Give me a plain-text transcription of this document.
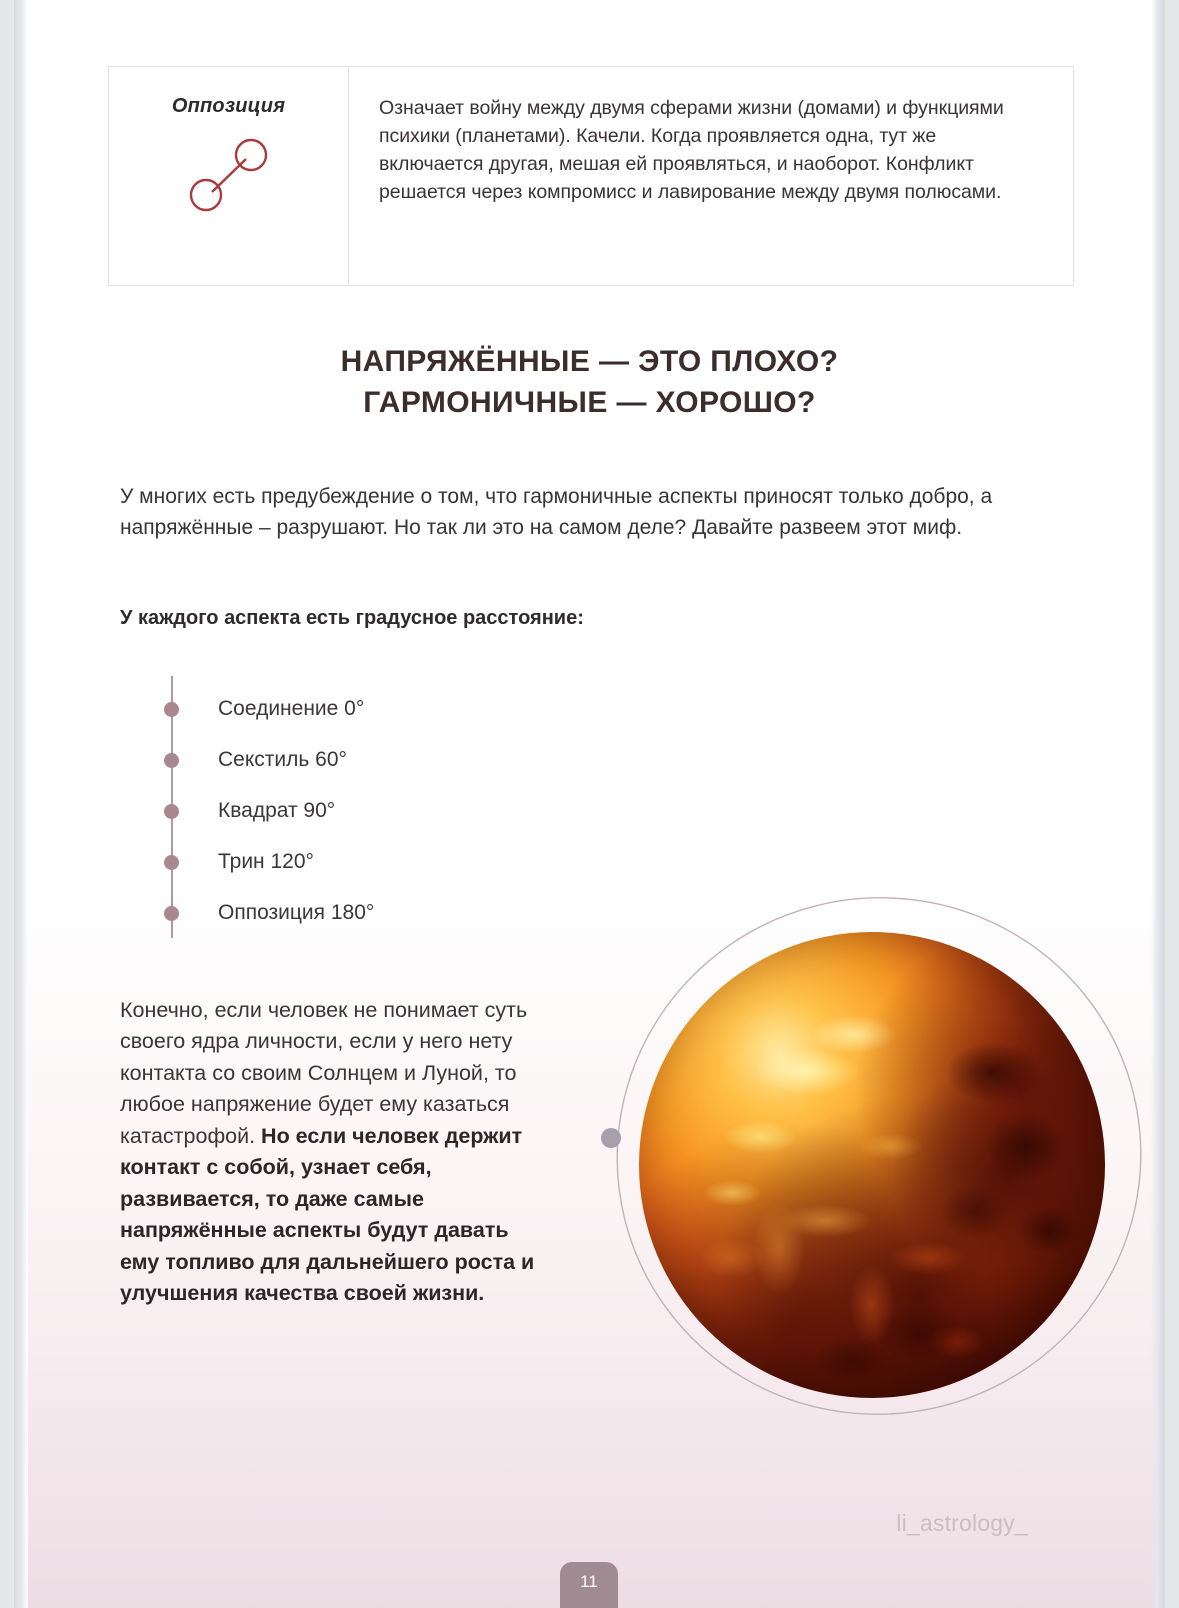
Оппозиция	Означает войну между двумя сферами жизни (домами) и функциями психики (планетами). Качели. Когда проявляется одна, тут же включается другая, мешая ей проявляться, и наоборот. Конфликт решается через компромисс и лавирование между двумя полюсами.
НАПРЯЖЁННЫЕ — ЭТО ПЛОХО?
ГАРМОНИЧНЫЕ — ХОРОШО?
У многих есть предубеждение о том, что гармоничные аспекты приносят только добро, а напряжённые – разрушают. Но так ли это на самом деле? Давайте развеем этот миф.
У каждого аспекта есть градусное расстояние:
Соединение 0°
Секстиль 60°
Квадрат 90°
Трин 120°
Оппозиция 180°

Конечно, если человек не понимает суть своего ядра личности, если у него нету контакта со своим Солнцем и Луной, то любое напряжение будет ему казаться катастрофой. Но если человек держит контакт с собой, узнает себя, развивается, то даже самые напряжённые аспекты будут давать ему топливо для дальнейшего роста и улучшения качества своей жизни.

li_astrology_
11
